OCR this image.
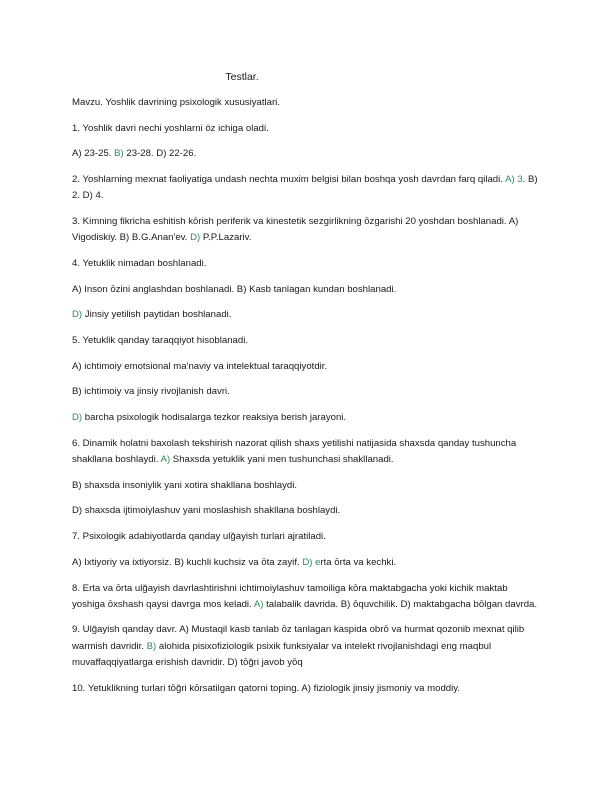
Testlar.

Mavzu. Yoshlik davrining psixologik xususiyatlari.

1. Yoshlik davri nechi yoshlarni öz ichiga oladi.

A) 23-25. B) 23-28. D) 22-26.

2. Yoshlarning mexnat faoliyatiga undash nechta muxim belgisi bilan boshqa yosh davrdan farq qiladi. A) 3. B) 2. D) 4.

3. Kimning fikricha eshitish kōrish periferik va kinestetik sezgirlikning ōzgarishi 20 yoshdan boshlanadi. A) Vigodiskiy. B) B.G.Anan'ev. D) P.P.Lazariv.

4. Yetuklik nimadan boshlanadi.

A) Inson ōzini anglashdan boshlanadi. B) Kasb tanlagan kundan boshlanadi.

D) Jinsiy yetilish paytidan boshlanadi.

5. Yetuklik qanday taraqqiyot hisoblanadi.

A) ichtimoiy emotsional ma'naviy va intelektual taraqqiyotdir.

B) ichtimoiy va jinsiy rivojlanish davri.

D) barcha psixologik hodisalarga tezkor reaksiya berish jarayoni.

6. Dinamik holatni baxolash tekshirish nazorat qilish shaxs yetilishi natijasida shaxsda qanday tushuncha shakllana boshlaydi. A) Shaxsda yetuklik yani men tushunchasi shakllanadi.

B) shaxsda insoniylik yani xotira shakllana boshlaydi.

D) shaxsda ijtimoiylashuv yani moslashish shakllana boshlaydi.

7. Psixologik adabiyotlarda qanday ulğayish turlari ajratiladi.

A) Ixtiyoriy va ixtiyorsiz. B) kuchli kuchsiz va ōta zayif. D) erta ōrta va kechki.

8. Erta va ōrta ulğayish davrlashtirishni ichtimoiylashuv tamoiliga kōra maktabgacha yoki kichik maktab yoshiga ōxshash qaysi davrga mos keladi. A) talabalik davrida. B) ōquvchilik. D) maktabgacha bōlgan davrda.

9. Ulğayish qanday davr. A) Mustaqil kasb tanlab ōz tanlagan kaspida obrō va hurmat qozonib mexnat qilib warmish davridir. B) alohida pisixofiziologik psixik funksiyalar va intelekt rivojlanishdagi eng maqbul muvaffaqqiyatlarga erishish davridir. D) tōğri javob yōq

10. Yetuklikning turlari tōğri kōrsatilgan qatorni toping. A) fiziologik jinsiy jismoniy va moddiy.
